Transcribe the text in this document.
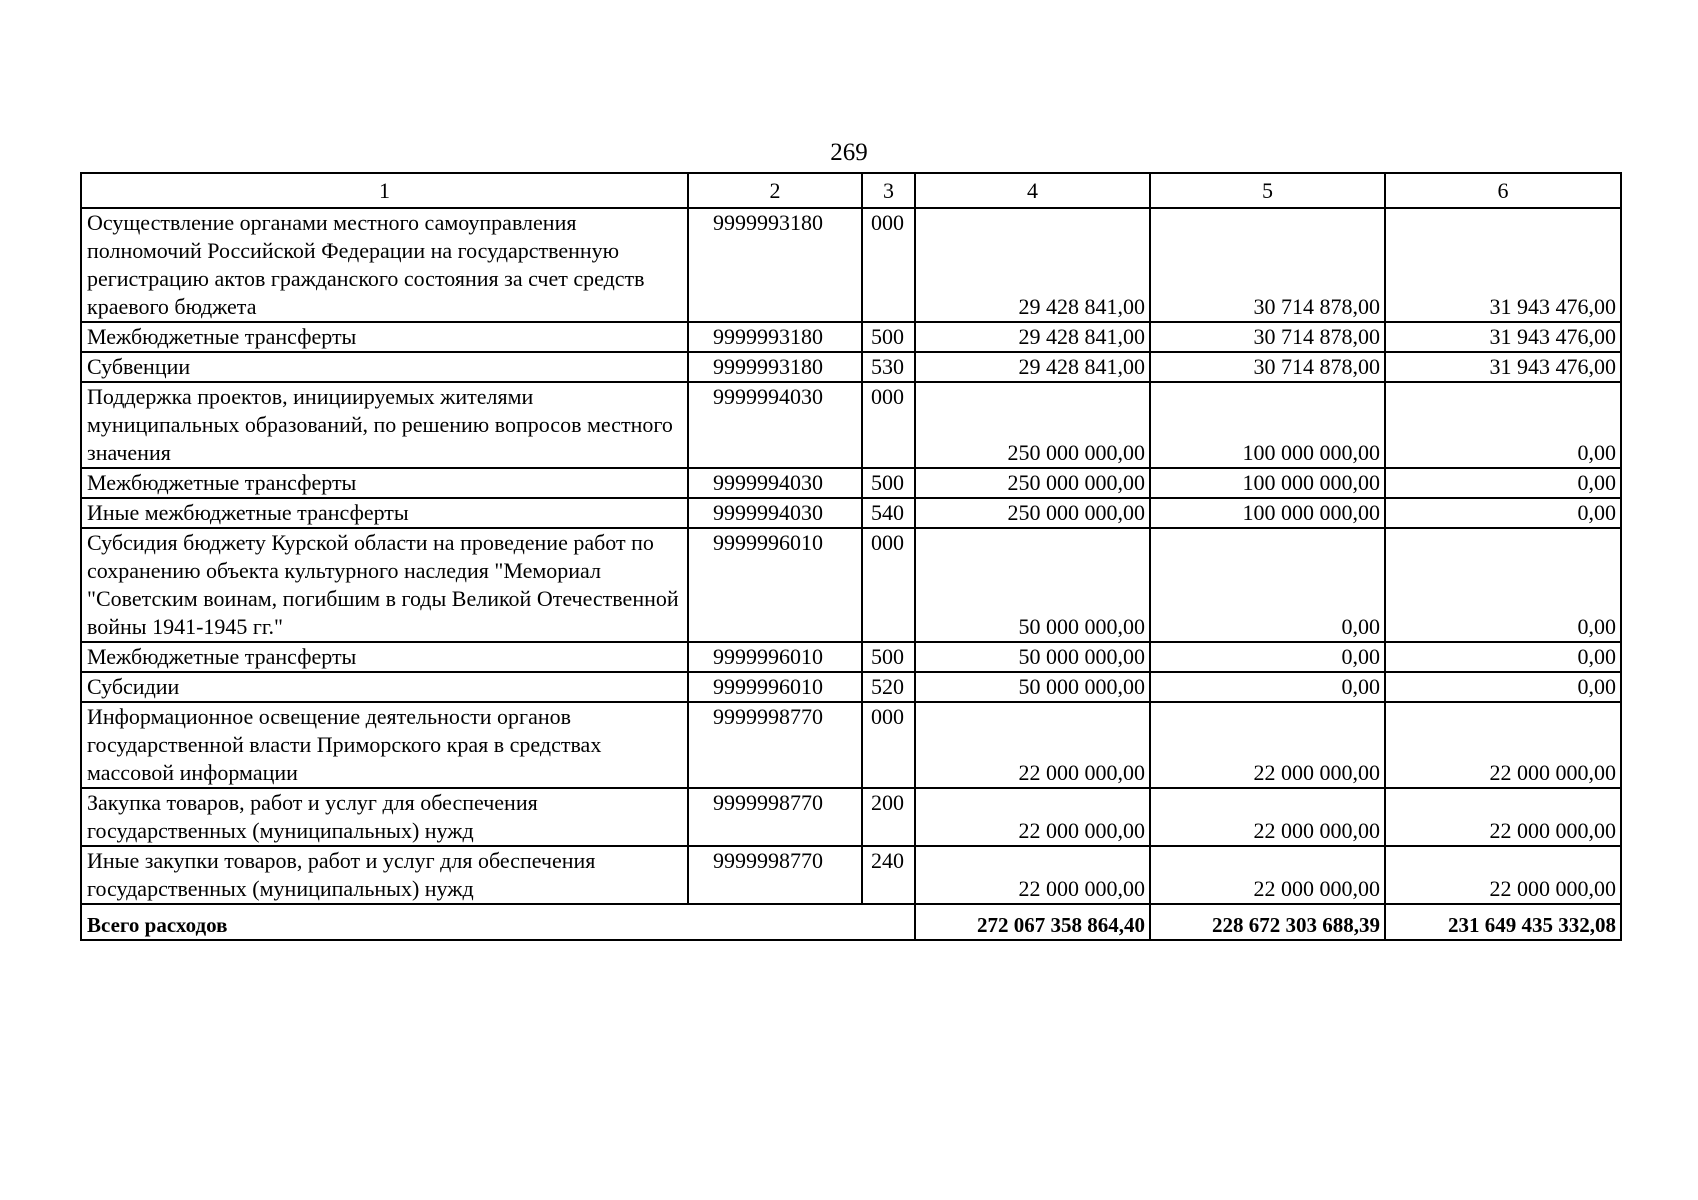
269
1	2	3	4	5	6
Осуществление органами местного самоуправления полномочий Российской Федерации на государственную регистрацию актов гражданского состояния за счет средств краевого бюджета	9999993180	000	29 428 841,00	30 714 878,00	31 943 476,00
Межбюджетные трансферты	9999993180	500	29 428 841,00	30 714 878,00	31 943 476,00
Субвенции	9999993180	530	29 428 841,00	30 714 878,00	31 943 476,00
Поддержка проектов, инициируемых жителями муниципальных образований, по решению вопросов местного значения	9999994030	000	250 000 000,00	100 000 000,00	0,00
Межбюджетные трансферты	9999994030	500	250 000 000,00	100 000 000,00	0,00
Иные межбюджетные трансферты	9999994030	540	250 000 000,00	100 000 000,00	0,00
Субсидия бюджету Курской области на проведение работ по сохранению объекта культурного наследия "Мемориал "Советским воинам, погибшим в годы Великой Отечественной войны 1941-1945 гг."	9999996010	000	50 000 000,00	0,00	0,00
Межбюджетные трансферты	9999996010	500	50 000 000,00	0,00	0,00
Субсидии	9999996010	520	50 000 000,00	0,00	0,00
Информационное освещение деятельности органов государственной власти Приморского края в средствах массовой информации	9999998770	000	22 000 000,00	22 000 000,00	22 000 000,00
Закупка товаров, работ и услуг для обеспечения государственных (муниципальных) нужд	9999998770	200	22 000 000,00	22 000 000,00	22 000 000,00
Иные закупки товаров, работ и услуг для обеспечения государственных (муниципальных) нужд	9999998770	240	22 000 000,00	22 000 000,00	22 000 000,00
Всего расходов			272 067 358 864,40	228 672 303 688,39	231 649 435 332,08
